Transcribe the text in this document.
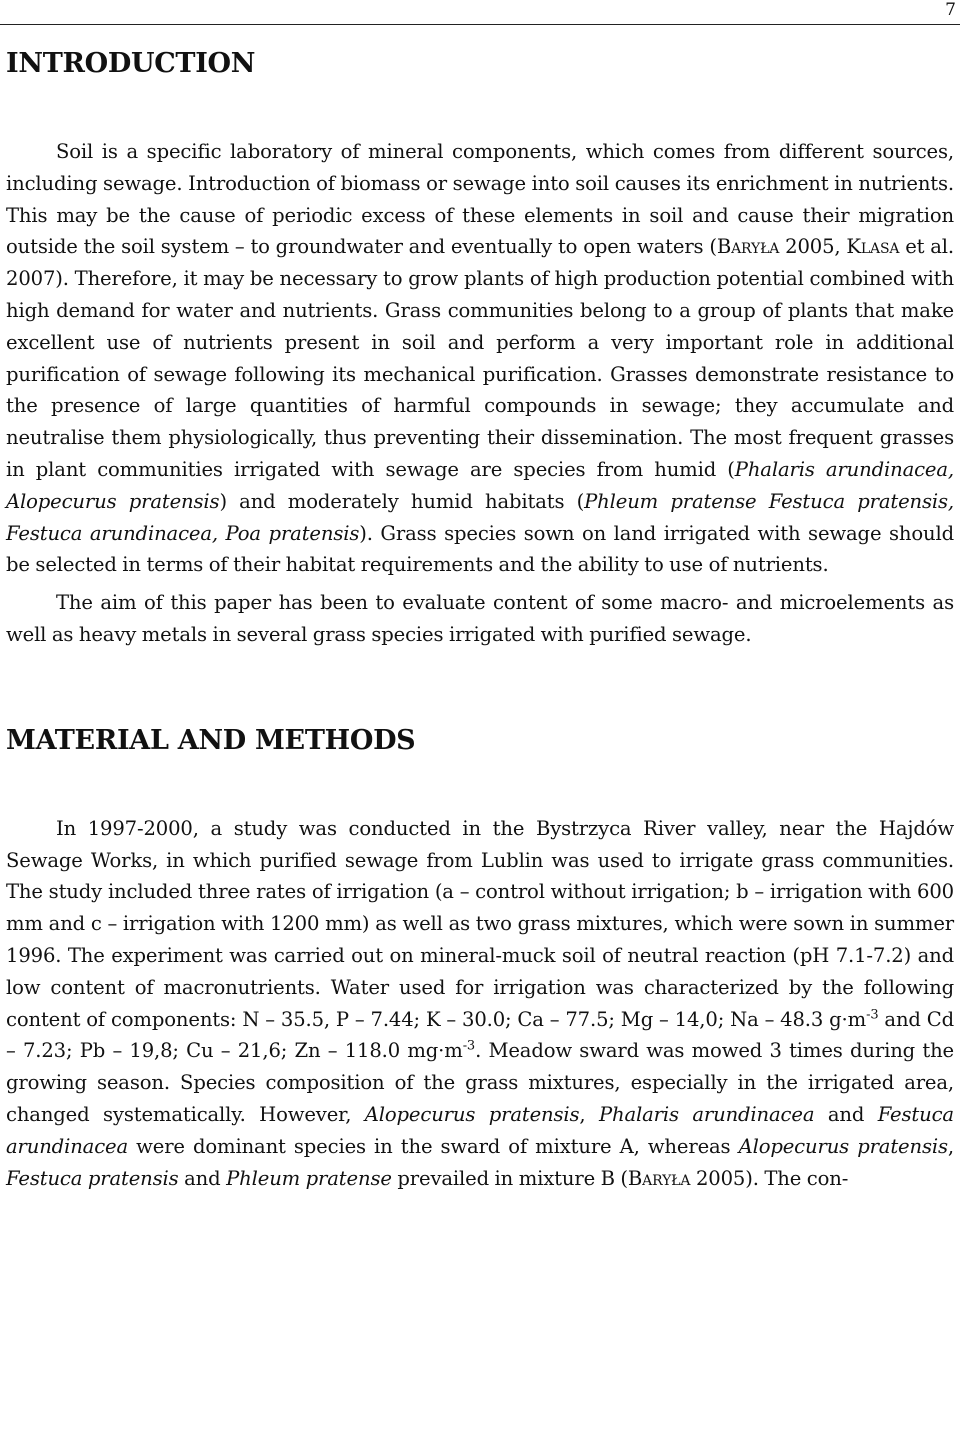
7
INTRODUCTION

Soil is a specific laboratory of mineral components, which comes from different sources, including sewage. Introduction of biomass or sewage into soil causes its enrichment in nutrients. This may be the cause of periodic excess of these elements in soil and cause their migration outside the soil system – to groundwater and eventually to open waters (Baryła 2005, Klasa et al. 2007). Therefore, it may be necessary to grow plants of high production potential combined with high demand for water and nutrients. Grass communities belong to a group of plants that make excellent use of nutrients present in soil and perform a very important role in additional purification of sewage following its mechanical purification. Grasses demonstrate resistance to the presence of large quantities of harmful compounds in sewage; they accumulate and neutralise them physiologically, thus preventing their dissemination. The most frequent grasses in plant communities irrigated with sewage are species from humid (Phalaris arundinacea, Alopecurus pratensis) and moderately humid habitats (Phleum pratense Festuca pratensis, Festuca arundinacea, Poa pratensis). Grass species sown on land irrigated with sewage should be selected in terms of their habitat requirements and the ability to use of nutrients.

The aim of this paper has been to evaluate content of some macro- and microelements as well as heavy metals in several grass species irrigated with purified sewage.

MATERIAL AND METHODS

In 1997-2000, a study was conducted in the Bystrzyca River valley, near the Hajdów Sewage Works, in which purified sewage from Lublin was used to irrigate grass communities. The study included three rates of irrigation (a – control without irrigation; b – irrigation with 600 mm and c – irrigation with 1200 mm) as well as two grass mixtures, which were sown in summer 1996. The experiment was carried out on mineral-muck soil of neutral reaction (pH 7.1-7.2) and low content of macronutrients. Water used for irrigation was characterized by the following content of components: N – 35.5, P – 7.44; K – 30.0; Ca – 77.5; Mg – 14,0; Na – 48.3 $g\cdot m^{-3}$ and Cd – 7.23; Pb – 19,8; Cu – 21,6; Zn – 118.0 $mg\cdot m^{-3}$. Meadow sward was mowed 3 times during the growing season. Species composition of the grass mixtures, especially in the irrigated area, changed systematically. However, Alopecurus pratensis, Phalaris arundinacea and Festuca arundinacea were dominant species in the sward of mixture A, whereas Alopecurus pratensis, Festuca pratensis and Phleum pratense prevailed in mixture B (Baryła 2005). The con-
